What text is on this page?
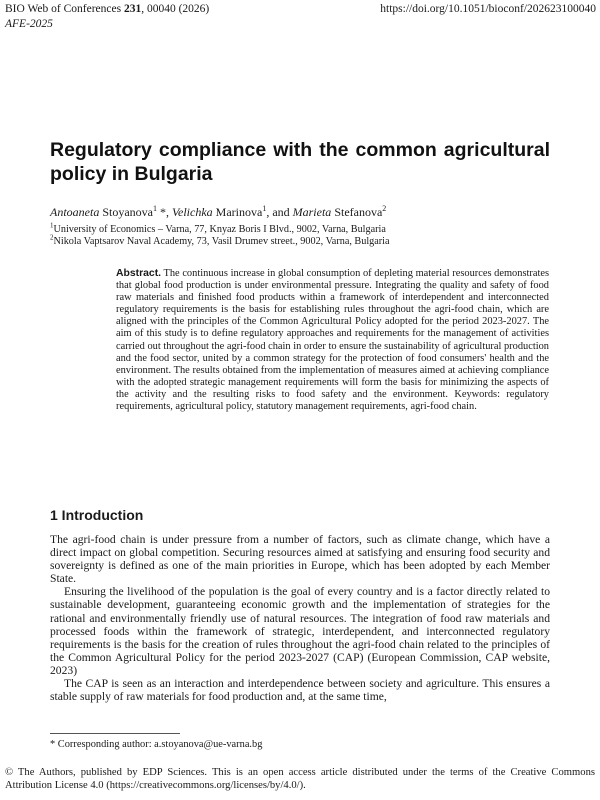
BIO Web of Conferences 231, 00040 (2026)
AFE-2025
https://doi.org/10.1051/bioconf/202623100040
Regulatory compliance with the common agricultural policy in Bulgaria
Antoaneta Stoyanova$^1$ *, Velichka Marinova$^1$, and Marieta Stefanova$^2$
$^1$University of Economics – Varna, 77, Knyaz Boris I Blvd., 9002, Varna, Bulgaria
$^2$Nikola Vaptsarov Naval Academy, 73, Vasil Drumev street., 9002, Varna, Bulgaria
Abstract. The continuous increase in global consumption of depleting material resources demonstrates that global food production is under environmental pressure. Integrating the quality and safety of food raw materials and finished food products within a framework of interdependent and interconnected regulatory requirements is the basis for establishing rules throughout the agri-food chain, which are aligned with the principles of the Common Agricultural Policy adopted for the period 2023-2027. The aim of this study is to define regulatory approaches and requirements for the management of activities carried out throughout the agri-food chain in order to ensure the sustainability of agricultural production and the food sector, united by a common strategy for the protection of food consumers' health and the environment. The results obtained from the implementation of measures aimed at achieving compliance with the adopted strategic management requirements will form the basis for minimizing the aspects of the activity and the resulting risks to food safety and the environment. Keywords: regulatory requirements, agricultural policy, statutory management requirements, agri-food chain.
1 Introduction

The agri-food chain is under pressure from a number of factors, such as climate change, which have a direct impact on global competition. Securing resources aimed at satisfying and ensuring food security and sovereignty is defined as one of the main priorities in Europe, which has been adopted by each Member State.

Ensuring the livelihood of the population is the goal of every country and is a factor directly related to sustainable development, guaranteeing economic growth and the implementation of strategies for the rational and environmentally friendly use of natural resources. The integration of food raw materials and processed foods within the framework of strategic, interdependent, and interconnected regulatory requirements is the basis for the creation of rules throughout the agri-food chain related to the principles of the Common Agricultural Policy for the period 2023-2027 (CAP) (European Commission, CAP website, 2023)

The CAP is seen as an interaction and interdependence between society and agriculture. This ensures a stable supply of raw materials for food production and, at the same time,

* Corresponding author: a.stoyanova@ue-varna.bg
© The Authors, published by EDP Sciences. This is an open access article distributed under the terms of the Creative Commons Attribution License 4.0 (https://creativecommons.org/licenses/by/4.0/).
